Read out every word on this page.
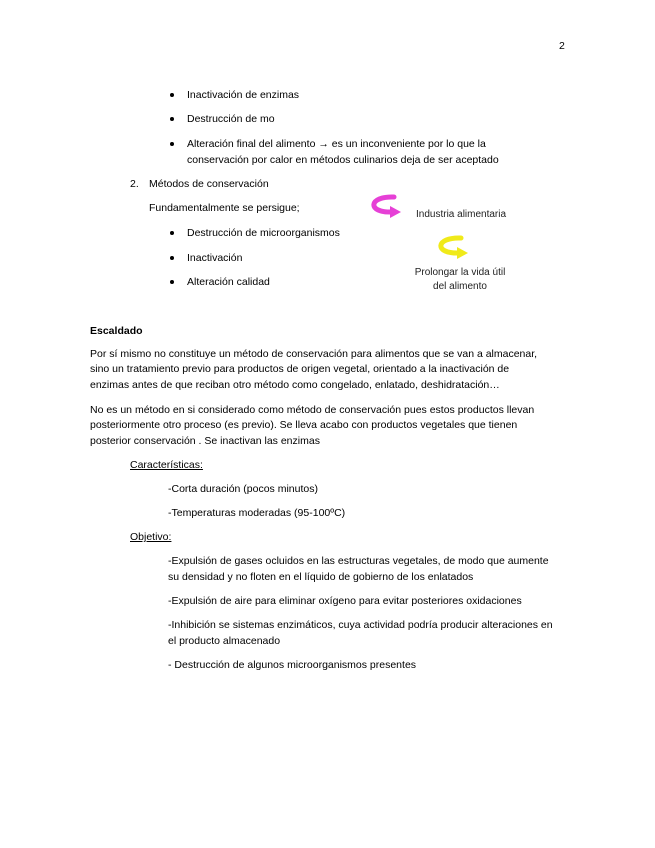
2
Inactivación de enzimas
Destrucción de mo
Alteración final del alimento → es un inconveniente por lo que la
conservación por calor en métodos culinarios deja de ser aceptado
2. Métodos de conservación
Fundamentalmente se persigue;
Destrucción de microorganismos
Inactivación
Alteración calidad
Industria alimentaria
Prolongar la vida útil
del alimento
Escaldado
Por sí mismo no constituye un método de conservación para alimentos que se van a almacenar,
sino un tratamiento previo para productos de origen vegetal, orientado a la inactivación de
enzimas antes de que reciban otro método como congelado, enlatado, deshidratación…
No es un método en si considerado como método de conservación pues estos productos llevan
posteriormente otro proceso (es previo). Se lleva acabo con productos vegetales que tienen
posterior conservación . Se inactivan las enzimas
Características:
-Corta duración (pocos minutos)
-Temperaturas moderadas (95-100ºC)
Objetivo:
-Expulsión de gases ocluidos en las estructuras vegetales, de modo que aumente
su densidad y no floten en el líquido de gobierno de los enlatados
-Expulsión de aire para eliminar oxígeno para evitar posteriores oxidaciones
-Inhibición se sistemas enzimáticos, cuya actividad podría producir alteraciones en
el producto almacenado
- Destrucción de algunos microorganismos presentes
